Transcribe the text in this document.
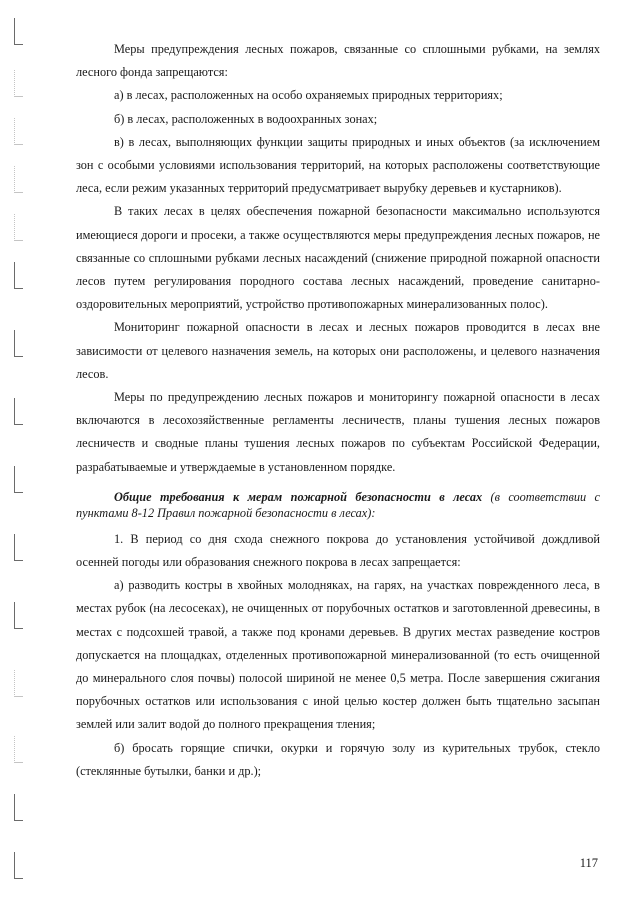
Меры предупреждения лесных пожаров, связанные со сплошными рубками, на землях лесного фонда запрещаются:

а) в лесах, расположенных на особо охраняемых природных территориях;

б) в лесах, расположенных в водоохранных зонах;

в) в лесах, выполняющих функции защиты природных и иных объектов (за исключением зон с особыми условиями использования территорий, на которых расположены соответствующие леса, если режим указанных территорий предусматривает вырубку деревьев и кустарников).

В таких лесах в целях обеспечения пожарной безопасности максимально используются имеющиеся дороги и просеки, а также осуществляются меры предупреждения лесных пожаров, не связанные со сплошными рубками лесных насаждений (снижение природной пожарной опасности лесов путем регулирования породного состава лесных насаждений, проведение санитарно-оздоровительных мероприятий, устройство противопожарных минерализованных полос).

Мониторинг пожарной опасности в лесах и лесных пожаров проводится в лесах вне зависимости от целевого назначения земель, на которых они расположены, и целевого назначения лесов.

Меры по предупреждению лесных пожаров и мониторингу пожарной опасности в лесах включаются в лесохозяйственные регламенты лесничеств, планы тушения лесных пожаров лесничеств и сводные планы тушения лесных пожаров по субъектам Российской Федерации, разрабатываемые и утверждаемые в установленном порядке.

Общие требования к мерам пожарной безопасности в лесах (в соответствии с пунктами 8-12 Правил пожарной безопасности в лесах):

1. В период со дня схода снежного покрова до установления устойчивой дождливой осенней погоды или образования снежного покрова в лесах запрещается:

а) разводить костры в хвойных молодняках, на гарях, на участках поврежденного леса, в местах рубок (на лесосеках), не очищенных от порубочных остатков и заготовленной древесины, в местах с подсохшей травой, а также под кронами деревьев. В других местах разведение костров допускается на площадках, отделенных противопожарной минерализованной (то есть очищенной до минерального слоя почвы) полосой шириной не менее 0,5 метра. После завершения сжигания порубочных остатков или использования с иной целью костер должен быть тщательно засыпан землей или залит водой до полного прекращения тления;

б) бросать горящие спички, окурки и горячую золу из курительных трубок, стекло (стеклянные бутылки, банки и др.);

117
